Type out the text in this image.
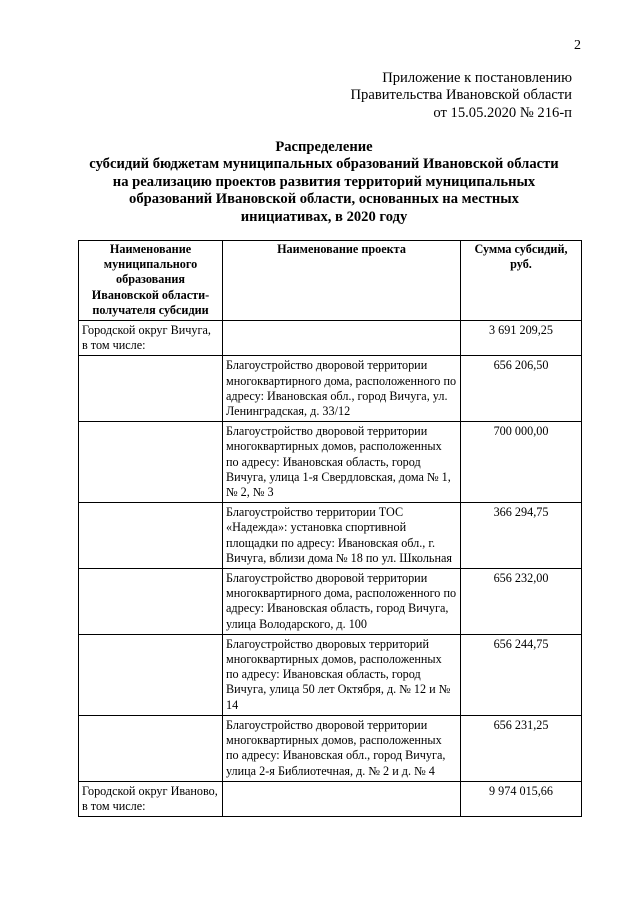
2
Приложение к постановлению
Правительства Ивановской области
от 15.05.2020 № 216-п
Распределение
субсидий бюджетам муниципальных образований Ивановской области
на реализацию проектов развития территорий муниципальных
образований Ивановской области, основанных на местных
инициативах, в 2020 году
Наименование муниципального образования Ивановской области-получателя субсидии	Наименование проекта	Сумма субсидий, руб.
Городской округ Вичуга, в том числе:		3 691 209,25
	Благоустройство дворовой территории многоквартирного дома, расположенного по адресу: Ивановская обл., город Вичуга, ул. Ленинградская, д. 33/12	656 206,50
	Благоустройство дворовой территории многоквартирных домов, расположенных по адресу: Ивановская область, город Вичуга, улица 1-я Свердловская, дома № 1, № 2, № 3	700 000,00
	Благоустройство территории ТОС «Надежда»: установка спортивной площадки по адресу: Ивановская обл., г. Вичуга, вблизи дома № 18 по ул. Школьная	366 294,75
	Благоустройство дворовой территории многоквартирного дома, расположенного по адресу: Ивановская область, город Вичуга, улица Володарского, д. 100	656 232,00
	Благоустройство дворовых территорий многоквартирных домов, расположенных по адресу: Ивановская область, город Вичуга, улица 50 лет Октября, д. № 12 и № 14	656 244,75
	Благоустройство дворовой территории многоквартирных домов, расположенных по адресу: Ивановская обл., город Вичуга, улица 2-я Библиотечная, д. № 2 и д. № 4	656 231,25
Городской округ Иваново, в том числе:		9 974 015,66
